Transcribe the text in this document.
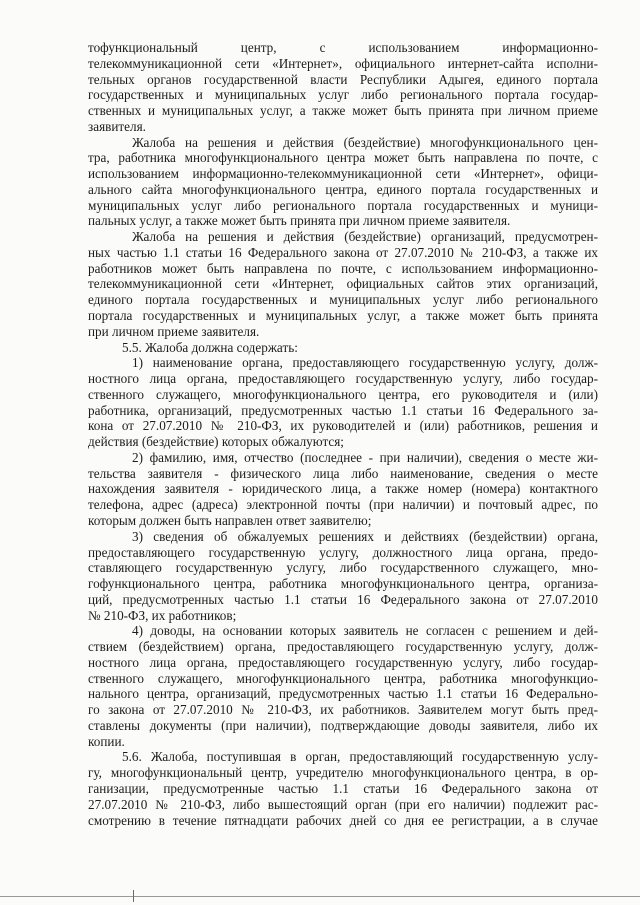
тофункциональный центр, с использованием информационно-
телекоммуникационной сети «Интернет», официального интернет-сайта исполни-
тельных органов государственной власти Республики Адыгея, единого портала
государственных и муниципальных услуг либо регионального портала государ-
ственных и муниципальных услуг, а также может быть принята при личном приеме
заявителя.
Жалоба на решения и действия (бездействие) многофункционального цен-
тра, работника многофункционального центра может быть направлена по почте, с
использованием информационно-телекоммуникационной сети «Интернет», офици-
ального сайта многофункционального центра, единого портала государственных и
муниципальных услуг либо регионального портала государственных и муници-
пальных услуг, а также может быть принята при личном приеме заявителя.
Жалоба на решения и действия (бездействие) организаций, предусмотрен-
ных частью 1.1 статьи 16 Федерального закона от 27.07.2010 № 210-ФЗ, а также их
работников может быть направлена по почте, с использованием информационно-
телекоммуникационной сети «Интернет, официальных сайтов этих организаций,
единого портала государственных и муниципальных услуг либо регионального
портала государственных и муниципальных услуг, а также может быть принята
при личном приеме заявителя.
5.5. Жалоба должна содержать:
1) наименование органа, предоставляющего государственную услугу, долж-
ностного лица органа, предоставляющего государственную услугу, либо государ-
ственного служащего, многофункционального центра, его руководителя и (или)
работника, организаций, предусмотренных частью 1.1 статьи 16 Федерального за-
кона от 27.07.2010 № 210-ФЗ, их руководителей и (или) работников, решения и
действия (бездействие) которых обжалуются;
2) фамилию, имя, отчество (последнее - при наличии), сведения о месте жи-
тельства заявителя - физического лица либо наименование, сведения о месте
нахождения заявителя - юридического лица, а также номер (номера) контактного
телефона, адрес (адреса) электронной почты (при наличии) и почтовый адрес, по
которым должен быть направлен ответ заявителю;
3) сведения об обжалуемых решениях и действиях (бездействии) органа,
предоставляющего государственную услугу, должностного лица органа, предо-
ставляющего государственную услугу, либо государственного служащего, мно-
гофункционального центра, работника многофункционального центра, организа-
ций, предусмотренных частью 1.1 статьи 16 Федерального закона от 27.07.2010
№ 210-ФЗ, их работников;
4) доводы, на основании которых заявитель не согласен с решением и дей-
ствием (бездействием) органа, предоставляющего государственную услугу, долж-
ностного лица органа, предоставляющего государственную услугу, либо государ-
ственного служащего, многофункционального центра, работника многофункцио-
нального центра, организаций, предусмотренных частью 1.1 статьи 16 Федерально-
го закона от 27.07.2010 № 210-ФЗ, их работников. Заявителем могут быть пред-
ставлены документы (при наличии), подтверждающие доводы заявителя, либо их
копии.
5.6. Жалоба, поступившая в орган, предоставляющий государственную услу-
гу, многофункциональный центр, учредителю многофункционального центра, в ор-
ганизации, предусмотренные частью 1.1 статьи 16 Федерального закона от
27.07.2010 № 210-ФЗ, либо вышестоящий орган (при его наличии) подлежит рас-
смотрению в течение пятнадцати рабочих дней со дня ее регистрации, а в случае
